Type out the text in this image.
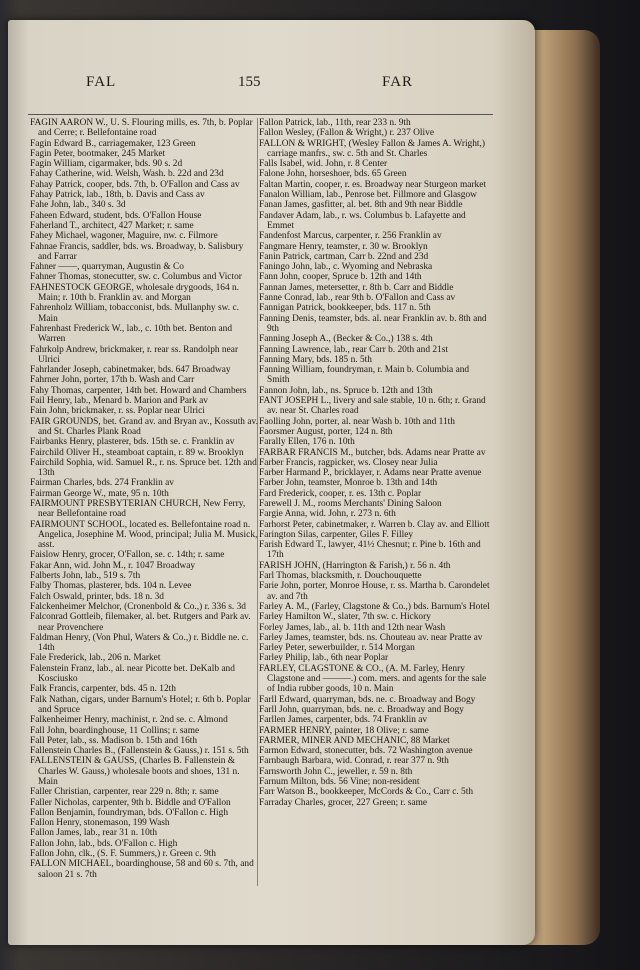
FAL	155	FAR
FAGIN AARON W., U. S. Flouring mills, es. 7th, b. Poplar and Cerre; r. Bellefontaine road
Fagin Edward B., carriagemaker, 123 Green
Fagin Peter, bootmaker, 245 Market
Fagin William, cigarmaker, bds. 90 s. 2d
Fahay Catherine, wid. Welsh, Wash. b. 22d and 23d
Fahay Patrick, cooper, bds. 7th, b. O'Fallon and Cass av
Fahay Patrick, lab., 18th, b. Davis and Cass av
Fahe John, lab., 340 s. 3d
Faheen Edward, student, bds. O'Fallon House
Faherland T., architect, 427 Market; r. same
Fahey Michael, wagoner, Maguire, nw. c. Filmore
Fahnae Francis, saddler, bds. ws. Broadway, b. Salisbury and Farrar
Fahner ——, quarryman, Augustin & Co
Fahner Thomas, stonecutter, sw. c. Columbus and Victor
FAHNESTOCK GEORGE, wholesale drygoods, 164 n. Main; r. 10th b. Franklin av. and Morgan
Fahrenholz William, tobacconist, bds. Mullanphy sw. c. Main
Fahrenhast Frederick W., lab., c. 10th bet. Benton and Warren
Fahrkolp Andrew, brickmaker, r. rear ss. Randolph near Ulrici
Fahrlander Joseph, cabinetmaker, bds. 647 Broadway
Fahrner John, porter, 17th b. Wash and Carr
Fahy Thomas, carpenter, 14th bet. Howard and Chambers
Fail Henry, lab., Menard b. Marion and Park av
Fain John, brickmaker, r. ss. Poplar near Ulrici
FAIR GROUNDS, bet. Grand av. and Bryan av., Kossuth av. and St. Charles Plank Road
Fairbanks Henry, plasterer, bds. 15th se. c. Franklin av
Fairchild Oliver H., steamboat captain, r. 89 w. Brooklyn
Fairchild Sophia, wid. Samuel R., r. ns. Spruce bet. 12th and 13th
Fairman Charles, bds. 274 Franklin av
Fairman George W., mate, 95 n. 10th
FAIRMOUNT PRESBYTERIAN CHURCH, New Ferry, near Bellefontaine road
FAIRMOUNT SCHOOL, located es. Bellefontaine road n. Angelica, Josephine M. Wood, principal; Julia M. Musick, asst.
Faislow Henry, grocer, O'Fallon, se. c. 14th; r. same
Fakar Ann, wid. John M., r. 1047 Broadway
Falberts John, lab., 519 s. 7th
Falby Thomas, plasterer, bds. 104 n. Levee
Falch Oswald, printer, bds. 18 n. 3d
Falckenheimer Melchor, (Cronenbold & Co.,) r. 336 s. 3d
Falconrad Gottleib, filemaker, al. bet. Rutgers and Park av. near Provenchere
Faldman Henry, (Von Phul, Waters & Co.,) r. Biddle ne. c. 14th
Fale Frederick, lab., 206 n. Market
Falenstein Franz, lab., al. near Picotte bet. DeKalb and Kosciusko
Falk Francis, carpenter, bds. 45 n. 12th
Falk Nathan, cigars, under Barnum's Hotel; r. 6th b. Poplar and Spruce
Falkenheimer Henry, machinist, r. 2nd se. c. Almond
Fall John, boardinghouse, 11 Collins; r. same
Fall Peter, lab., ss. Madison b. 15th and 16th
Fallenstein Charles B., (Fallenstein & Gauss,) r. 151 s. 5th
FALLENSTEIN & GAUSS, (Charles B. Fallenstein & Charles W. Gauss,) wholesale boots and shoes, 131 n. Main
Faller Christian, carpenter, rear 229 n. 8th; r. same
Faller Nicholas, carpenter, 9th b. Biddle and O'Fallon
Fallon Benjamin, foundryman, bds. O'Fallon c. High
Fallon Henry, stonemason, 199 Wash
Fallon James, lab., rear 31 n. 10th
Fallon John, lab., bds. O'Fallon c. High
Fallon John, clk., (S. F. Summers,) r. Green c. 9th
FALLON MICHAEL, boardinghouse, 58 and 60 s. 7th, and saloon 21 s. 7th
Fallon Patrick, lab., 11th, rear 233 n. 9th
Fallon Wesley, (Fallon & Wright,) r. 237 Olive
FALLON & WRIGHT, (Wesley Fallon & James A. Wright,) carriage manfrs., sw. c. 5th and St. Charles
Falls Isabel, wid. John, r. 8 Center
Falone John, horseshoer, bds. 65 Green
Faltan Martin, cooper, r. es. Broadway near Sturgeon market
Fanalon William, lab., Penrose bet. Fillmore and Glasgow
Fanan James, gasfitter, al. bet. 8th and 9th near Biddle
Fandaver Adam, lab., r. ws. Columbus b. Lafayette and Emmet
Fandenfost Marcus, carpenter, r. 256 Franklin av
Fangmare Henry, teamster, r. 30 w. Brooklyn
Fanin Patrick, cartman, Carr b. 22nd and 23d
Faningo John, lab., c. Wyoming and Nebraska
Fann John, cooper, Spruce b. 12th and 14th
Fannan James, metersetter, r. 8th b. Carr and Biddle
Fanne Conrad, lab., rear 9th b. O'Fallon and Cass av
Fannigan Patrick, bookkeeper, bds. 117 n. 5th
Fanning Denis, teamster, bds. al. near Franklin av. b. 8th and 9th
Fanning Joseph A., (Becker & Co.,) 138 s. 4th
Fanning Lawrence, lab., rear Carr b. 20th and 21st
Fanning Mary, bds. 185 n. 5th
Fanning William, foundryman, r. Main b. Columbia and Smith
Fannon John, lab., ns. Spruce b. 12th and 13th
FANT JOSEPH L., livery and sale stable, 10 n. 6th; r. Grand av. near St. Charles road
Faolling John, porter, al. near Wash b. 10th and 11th
Faorsmer August, porter, 124 n. 8th
Farally Ellen, 176 n. 10th
FARBAR FRANCIS M., butcher, bds. Adams near Pratte av
Farber Francis, ragpicker, ws. Closey near Julia
Farber Harmand P., bricklayer, r. Adams near Pratte avenue
Farber John, teamster, Monroe b. 13th and 14th
Fard Frederick, cooper, r. es. 13th c. Poplar
Farewell J. M., rooms Merchants' Dining Saloon
Fargie Anna, wid. John, r. 273 n. 6th
Farhorst Peter, cabinetmaker, r. Warren b. Clay av. and Elliott
Farington Silas, carpenter, Giles F. Filley
Farish Edward T., lawyer, 41½ Chesnut; r. Pine b. 16th and 17th
FARISH JOHN, (Harrington & Farish,) r. 56 n. 4th
Farl Thomas, blacksmith, r. Douchouquette
Farie John, porter, Monroe House, r. ss. Martha b. Carondelet av. and 7th
Farley A. M., (Farley, Clagstone & Co.,) bds. Barnum's Hotel
Farley Hamilton W., slater, 7th sw. c. Hickory
Forley James, lab., al. b. 11th and 12th near Wash
Farley James, teamster, bds. ns. Chouteau av. near Pratte av
Farley Peter, sewerbuilder, r. 514 Morgan
Farley Philip, lab., 6th near Poplar
FARLEY, CLAGSTONE & CO., (A. M. Farley, Henry Clagstone and ———.) com. mers. and agents for the sale of India rubber goods, 10 n. Main
Farll Edward, quarryman, bds. ne. c. Broadway and Bogy
Farll John, quarryman, bds. ne. c. Broadway and Bogy
Farllen James, carpenter, bds. 74 Franklin av
FARMER HENRY, painter, 18 Olive; r. same
FARMER, MINER AND MECHANIC, 88 Market
Farmon Edward, stonecutter, bds. 72 Washington avenue
Farnbaugh Barbara, wid. Conrad, r. rear 377 n. 9th
Farnsworth John C., jeweller, r. 59 n. 8th
Farnum Milton, bds. 56 Vine; non-resident
Farr Watson B., bookkeeper, McCords & Co., Carr c. 5th
Farraday Charles, grocer, 227 Green; r. same
